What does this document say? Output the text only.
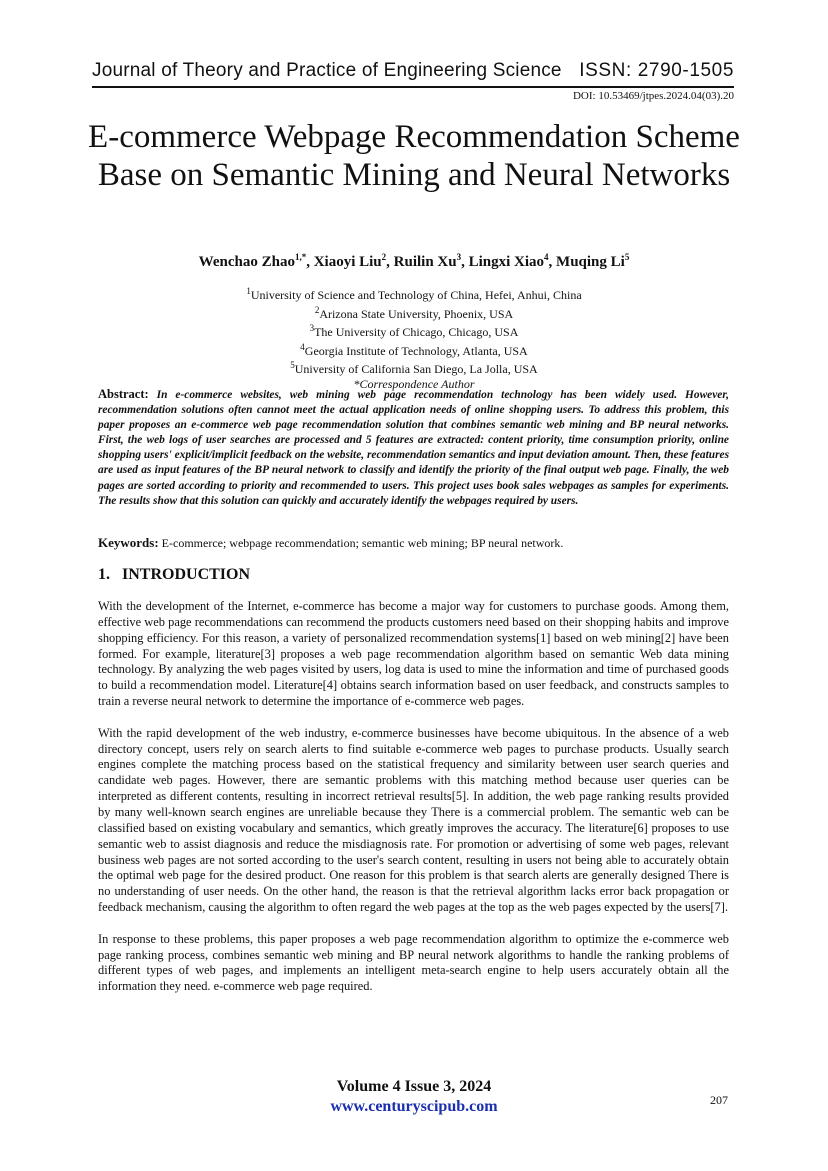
Journal of Theory and Practice of Engineering Science ISSN: 2790-1505
DOI: 10.53469/jtpes.2024.04(03).20
E-commerce Webpage Recommendation Scheme Base on Semantic Mining and Neural Networks
Wenchao Zhao$^{1,*}$, Xiaoyi Liu$^2$, Ruilin Xu$^3$, Lingxi Xiao$^4$, Muqing Li$^5$
$^1$University of Science and Technology of China, Hefei, Anhui, China
$^2$Arizona State University, Phoenix, USA
$^3$The University of Chicago, Chicago, USA
$^4$Georgia Institute of Technology, Atlanta, USA
$^5$University of California San Diego, La Jolla, USA
*Correspondence Author
Abstract: In e-commerce websites, web mining web page recommendation technology has been widely used. However, recommendation solutions often cannot meet the actual application needs of online shopping users. To address this problem, this paper proposes an e-commerce web page recommendation solution that combines semantic web mining and BP neural networks. First, the web logs of user searches are processed and 5 features are extracted: content priority, time consumption priority, online shopping users' explicit/implicit feedback on the website, recommendation semantics and input deviation amount. Then, these features are used as input features of the BP neural network to classify and identify the priority of the final output web page. Finally, the web pages are sorted according to priority and recommended to users. This project uses book sales webpages as samples for experiments. The results show that this solution can quickly and accurately identify the webpages required by users.
Keywords: E-commerce; webpage recommendation; semantic web mining; BP neural network.
1. INTRODUCTION

With the development of the Internet, e-commerce has become a major way for customers to purchase goods. Among them, effective web page recommendations can recommend the products customers need based on their shopping habits and improve shopping efficiency. For this reason, a variety of personalized recommendation systems[1] based on web mining[2] have been formed. For example, literature[3] proposes a web page recommendation algorithm based on semantic Web data mining technology. By analyzing the web pages visited by users, log data is used to mine the information and time of purchased goods to build a recommendation model. Literature[4] obtains search information based on user feedback, and constructs samples to train a reverse neural network to determine the importance of e-commerce web pages.

With the rapid development of the web industry, e-commerce businesses have become ubiquitous. In the absence of a web directory concept, users rely on search alerts to find suitable e-commerce web pages to purchase products. Usually search engines complete the matching process based on the statistical frequency and similarity between user search queries and candidate web pages. However, there are semantic problems with this matching method because user queries can be interpreted as different contents, resulting in incorrect retrieval results[5]. In addition, the web page ranking results provided by many well-known search engines are unreliable because they There is a commercial problem. The semantic web can be classified based on existing vocabulary and semantics, which greatly improves the accuracy. The literature[6] proposes to use semantic web to assist diagnosis and reduce the misdiagnosis rate. For promotion or advertising of some web pages, relevant business web pages are not sorted according to the user's search content, resulting in users not being able to accurately obtain the optimal web page for the desired product. One reason for this problem is that search alerts are generally designed There is no understanding of user needs. On the other hand, the reason is that the retrieval algorithm lacks error back propagation or feedback mechanism, causing the algorithm to often regard the web pages at the top as the web pages expected by the users[7].

In response to these problems, this paper proposes a web page recommendation algorithm to optimize the e-commerce web page ranking process, combines semantic web mining and BP neural network algorithms to handle the ranking problems of different types of web pages, and implements an intelligent meta-search engine to help users accurately obtain all the information they need. e-commerce web page required.

Volume 4 Issue 3, 2024
www.centuryscipub.com	207
